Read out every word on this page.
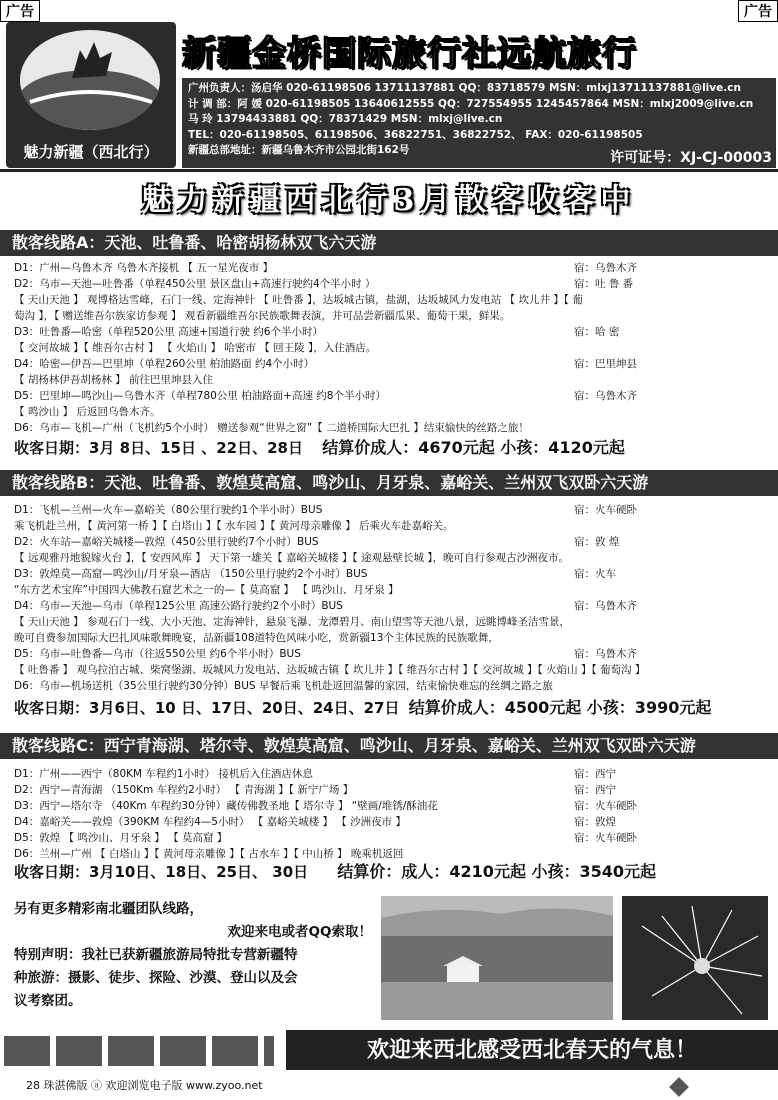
广告	广告
魅力新疆（西北行）
新疆金桥国际旅行社远航旅行
广州负责人：汤启华 020-61198506 13711137881 QQ：83718579 MSN：mlxj13711137881@live.cn
计 调 部：阿 媛 020-61198505 13640612555 QQ：727554955 1245457864 MSN：mlxj2009@live.cn
马 玲 13794433881 QQ：78371429 MSN：mlxj@live.cn
TEL：020-61198505、61198506、36822751、36822752、 FAX：020-61198505
新疆总部地址：新疆乌鲁木齐市公园北街162号	许可证号：XJ-CJ-00003
魅力新疆西北行3月散客收客中
散客线路A：天池、吐鲁番、哈密胡杨林双飞六天游
D1：广州—乌鲁木齐 乌鲁木齐接机 【 五一星光夜市 】	宿：乌鲁木齐
D2：乌市—天池—吐鲁番（单程450公里 景区盘山+高速行驶约4个半小时 ）	宿：吐 鲁 番
【 天山天池 】 观博格达雪峰，石门一线、定海神针 【 吐鲁番 】，达坂城古镇，盐湖，达坂城风力发电站 【 坎儿井 】【 葡
萄沟 】，【 赠送维吾尔族家访参观 】 观看新疆维吾尔民族歌舞表演，并可品尝新疆瓜果、葡萄干果，鲜果。
D3：吐鲁番—哈密（单程520公里 高速+国道行驶 约6个半小时）	宿：哈 密
【 交河故城 】【 维吾尔古村 】 【 火焰山 】 哈密市 【 回王陵 】，入住酒店。
D4：哈密—伊吾—巴里坤（单程260公里 柏油路面 约4个小时）	宿：巴里坤县
【 胡杨林伊吾胡杨林 】 前往巴里坤县入住
D5：巴里坤—鸣沙山—乌鲁木齐（单程780公里 柏油路面+高速 约8个半小时）	宿：乌鲁木齐
【 鸣沙山 】 后返回乌鲁木齐。
D6：乌市—飞机—广州（飞机约5个小时） 赠送参观“世界之窗”【 二道桥国际大巴扎 】结束愉快的丝路之旅！
收客日期：3月 8日、15日 、22日、28日 结算价成人：4670元起 小孩：4120元起
散客线路B：天池、吐鲁番、敦煌莫高窟、鸣沙山、月牙泉、嘉峪关、兰州双飞双卧六天游
D1：飞机—兰州—火车—嘉峪关（80公里行驶约1个半小时）BUS	宿：火车硬卧
乘飞机赴兰州，【 黄河第一桥 】【 白塔山 】【 水车园 】【 黄河母亲雕像 】 后乘火车赴嘉峪关。
D2：火车站—嘉峪关城楼—敦煌（450公里行驶约7个小时）BUS	宿：敦 煌
【 远观雅丹地貌嫁火台 】，【 安西风库 】 天下第一雄关【 嘉峪关城楼 】【 途观悬壁长城 】，晚可自行参观古沙洲夜市。
D3：敦煌莫—高窟—鸣沙山/月牙泉—酒店 （150公里行驶约2个小时）BUS	宿：火车
“东方艺术宝库”中国四大佛教石窟艺术之一的—【 莫高窟 】 【 鸣沙山、月牙泉 】
D4：乌市—天池—乌市（单程125公里 高速公路行驶约2个小时）BUS	宿：乌鲁木齐
【 天山天池 】 参观石门一线、大小天池、定海神针，悬泉飞瀑、龙潭碧月、南山望雪等天池八景，远眺博峰圣洁雪景，
晚可自费参加国际大巴扎风味歌舞晚宴，品新疆108道特色风味小吃，赏新疆13个主体民族的民族歌舞，
D5：乌市—吐鲁番—乌市（往返550公里 约6个半小时）BUS	宿：乌鲁木齐
【 吐鲁番 】 观乌拉泊古城、柴窝堡湖、坂城风力发电站、达坂城古镇【 坎儿井 】【 维吾尔古村 】【 交河故城 】【 火焰山 】【 葡萄沟 】
D6：乌市—机场送机（35公里行驶约30分钟）BUS 早餐后乘飞机赴返回温馨的家园，结束愉快难忘的丝绸之路之旅
收客日期：3月6日、10 日、17日、20日、24日、27日 结算价成人：4500元起 小孩：3990元起
散客线路C：西宁青海湖、塔尔寺、敦煌莫高窟、鸣沙山、月牙泉、嘉峪关、兰州双飞双卧六天游
D1：广州——西宁（80KM 车程约1小时） 接机后入住酒店休息	宿：西宁
D2：西宁—青海湖 （150Km 车程约2小时） 【 青海湖 】【 新宁广场 】	宿：西宁
D3：西宁—塔尔寺 （40Km 车程约30分钟）藏传佛教圣地【 塔尔寺 】 “壁画/堆锈/酥油花	宿：火车硬卧
D4：嘉峪关——敦煌（390KM 车程约4—5小时） 【 嘉峪关城楼 】 【 沙洲夜市 】	宿：敦煌
D5：敦煌 【 鸣沙山、月牙泉 】 【 莫高窟 】	宿：火车硬卧
D6：兰州—广州 【 白塔山 】【 黄河母亲雕像 】【 古水车 】【 中山桥 】 晚乘机返回
收客日期：3月10日、18日、25日、 30日 结算价：成人：4210元起 小孩：3540元起
另有更多精彩南北疆团队线路，
欢迎来电或者QQ索取！
特别声明：我社已获新疆旅游局特批专营新疆特
种旅游：摄影、徒步、探险、沙漠、登山以及会
议考察团。
欢迎来西北感受西北春天的气息！
28 珠湛佛版 ⓐ 欢迎浏览电子版 www.zyoo.net
